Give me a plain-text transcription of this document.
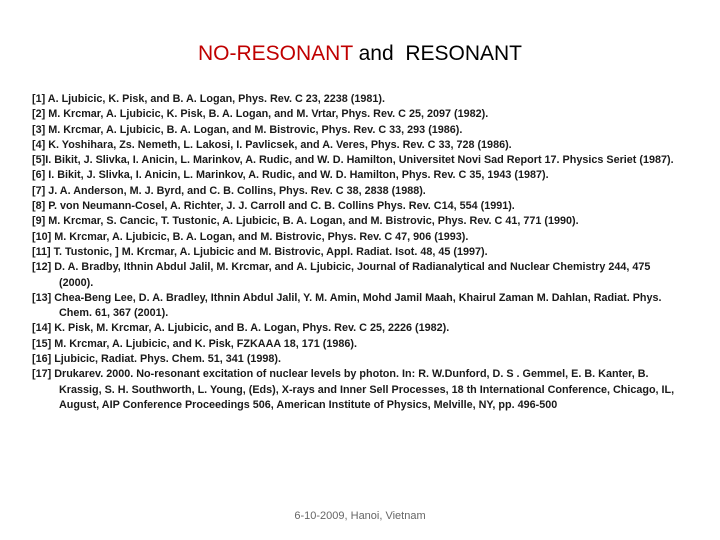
NO-RESONANT and RESONANT
[1] A. Ljubicic, K. Pisk, and B. A. Logan, Phys. Rev. C 23, 2238 (1981).
[2] M. Krcmar, A. Ljubicic, K. Pisk, B. A. Logan, and M. Vrtar, Phys. Rev. C 25, 2097 (1982).
[3] M. Krcmar, A. Ljubicic, B. A. Logan, and M. Bistrovic, Phys. Rev. C 33, 293 (1986).
[4] K. Yoshihara, Zs. Nemeth, L. Lakosi, I. Pavlicsek, and A. Veres, Phys. Rev. C 33, 728 (1986).
[5]I. Bikit, J. Slivka, I. Anicin, L. Marinkov, A. Rudic, and W. D. Hamilton, Universitet Novi Sad Report 17. Physics Seriet (1987).
[6] I. Bikit, J. Slivka, I. Anicin, L. Marinkov, A. Rudic, and W. D. Hamilton, Phys. Rev. C 35, 1943 (1987).
[7] J. A. Anderson, M. J. Byrd, and C. B. Collins, Phys. Rev. C 38, 2838 (1988).
[8] P. von Neumann-Cosel, A. Richter, J. J. Carroll and C. B. Collins Phys. Rev. C14, 554 (1991).
[9] M. Krcmar, S. Cancic, T. Tustonic, A. Ljubicic, B. A. Logan, and M. Bistrovic, Phys. Rev. C 41, 771 (1990).
[10] M. Krcmar, A. Ljubicic, B. A. Logan, and M. Bistrovic, Phys. Rev. C 47, 906 (1993).
[11] T. Tustonic, ] M. Krcmar, A. Ljubicic and M. Bistrovic, Appl. Radiat. Isot. 48, 45 (1997).
[12] D. A. Bradby, Ithnin Abdul Jalil, M. Krcmar, and A. Ljubicic, Journal of Radianalytical and Nuclear Chemistry 244, 475 (2000).
[13] Chea-Beng Lee, D. A. Bradley, Ithnin Abdul Jalil, Y. M. Amin, Mohd Jamil Maah, Khairul Zaman M. Dahlan, Radiat. Phys. Chem. 61, 367 (2001).
[14] K. Pisk, M. Krcmar, A. Ljubicic, and B. A. Logan, Phys. Rev. C 25, 2226 (1982).
[15] M. Krcmar, A. Ljubicic, and K. Pisk, FZKAAA 18, 171 (1986).
[16] Ljubicic, Radiat. Phys. Chem. 51, 341 (1998).
[17] Drukarev. 2000. No-resonant excitation of nuclear levels by photon. In: R. W.Dunford, D. S . Gemmel, E. B. Kanter, B. Krassig, S. H. Southworth, L. Young, (Eds), X-rays and Inner Sell Processes, 18 th International Conference, Chicago, IL, August, AIP Conference Proceedings 506, American Institute of Physics, Melville, NY, pp. 496-500
6-10-2009, Hanoi, Vietnam
